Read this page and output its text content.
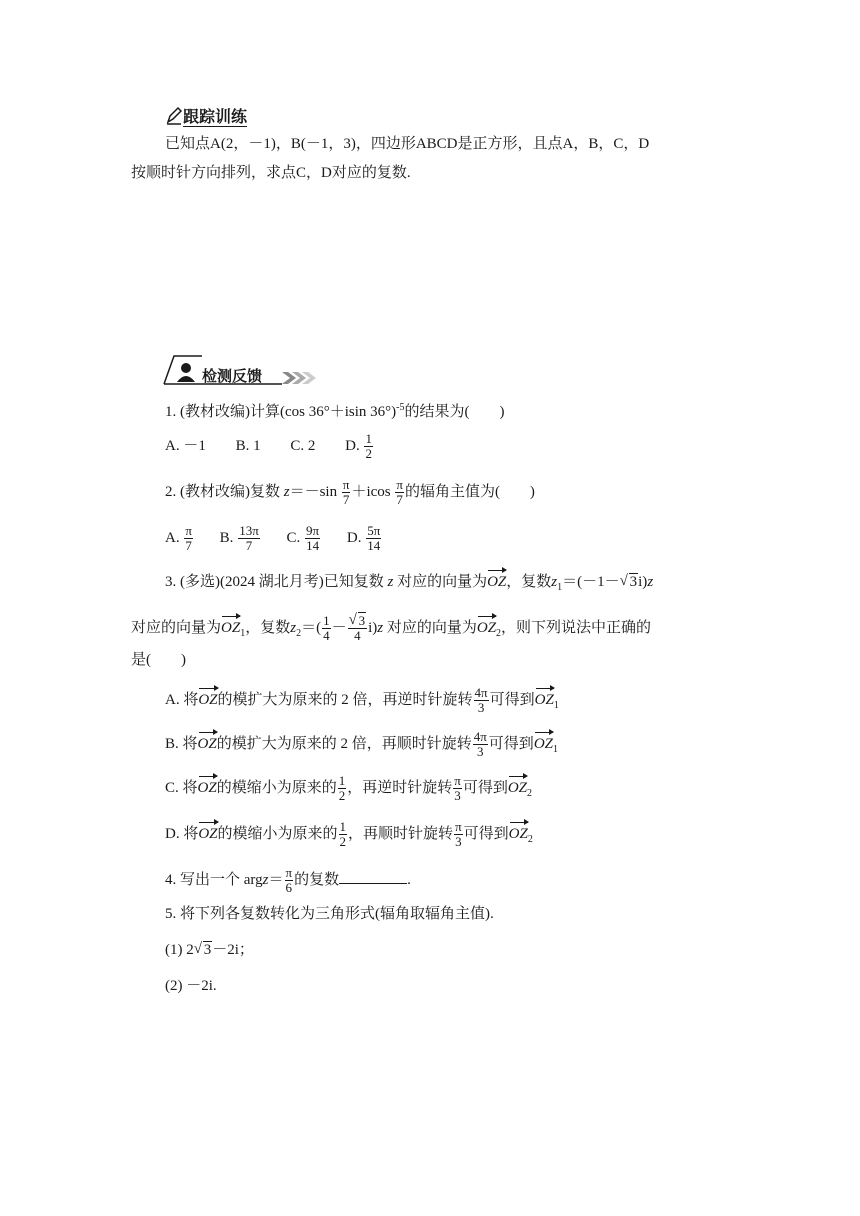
跟踪训练
已知点A(2，－1)，B(－1，3)，四边形ABCD是正方形，且点A，B，C，D
按顺时针方向排列，求点C，D对应的复数.
检测反馈
1. (教材改编)计算(cos 36°＋isin 36°)$^{-5}$的结果为(　　)
A. －1 B. 1 C. 2 D. $\frac{1}{2}$
2. (教材改编)复数 $z=-\sin \frac{\pi}{7} +icos \frac{\pi}{7}$ 的辐角主值为(　　)
A. $\frac{\pi}{7} B$. $\frac{13\pi}{7} C$. $\frac{9\pi}{14} D$. $\frac{5\pi}{14}$
3. (多选)(2024 湖北月考)已知复数 z 对应的向量为OZ，复数$z_1=(-1-√$ 3i)z
对应的向量为$OZ_1$，复数$z_2=( \frac{1}{4}$ －
√ $\frac{3}{4} i)z$ 对应的向量为$OZ_2$，则下列说法中正确的
是(　　)
A. 将OZ的模扩大为原来的 2 倍，再逆时针旋转 $\frac{4\pi}{3}$ 可得到$OZ_1$
B. 将OZ的模扩大为原来的 2 倍，再顺时针旋转 $\frac{4\pi}{3}$ 可得到$OZ_1$
C. 将OZ的模缩小为原来的 $\frac{1}{2}$ ，再逆时针旋转 $\frac{\pi}{3}$ 可得到$OZ_2$
D. 将OZ的模缩小为原来的 $\frac{1}{2}$ ，再顺时针旋转 $\frac{\pi}{3}$ 可得到$OZ_2$
4. 写出一个 argz＝ $\frac{\pi}{6}$ 的复数	.
5. 将下列各复数转化为三角形式(辐角取辐角主值).
(1) 2√ 3－2i；
(2) －2i.
